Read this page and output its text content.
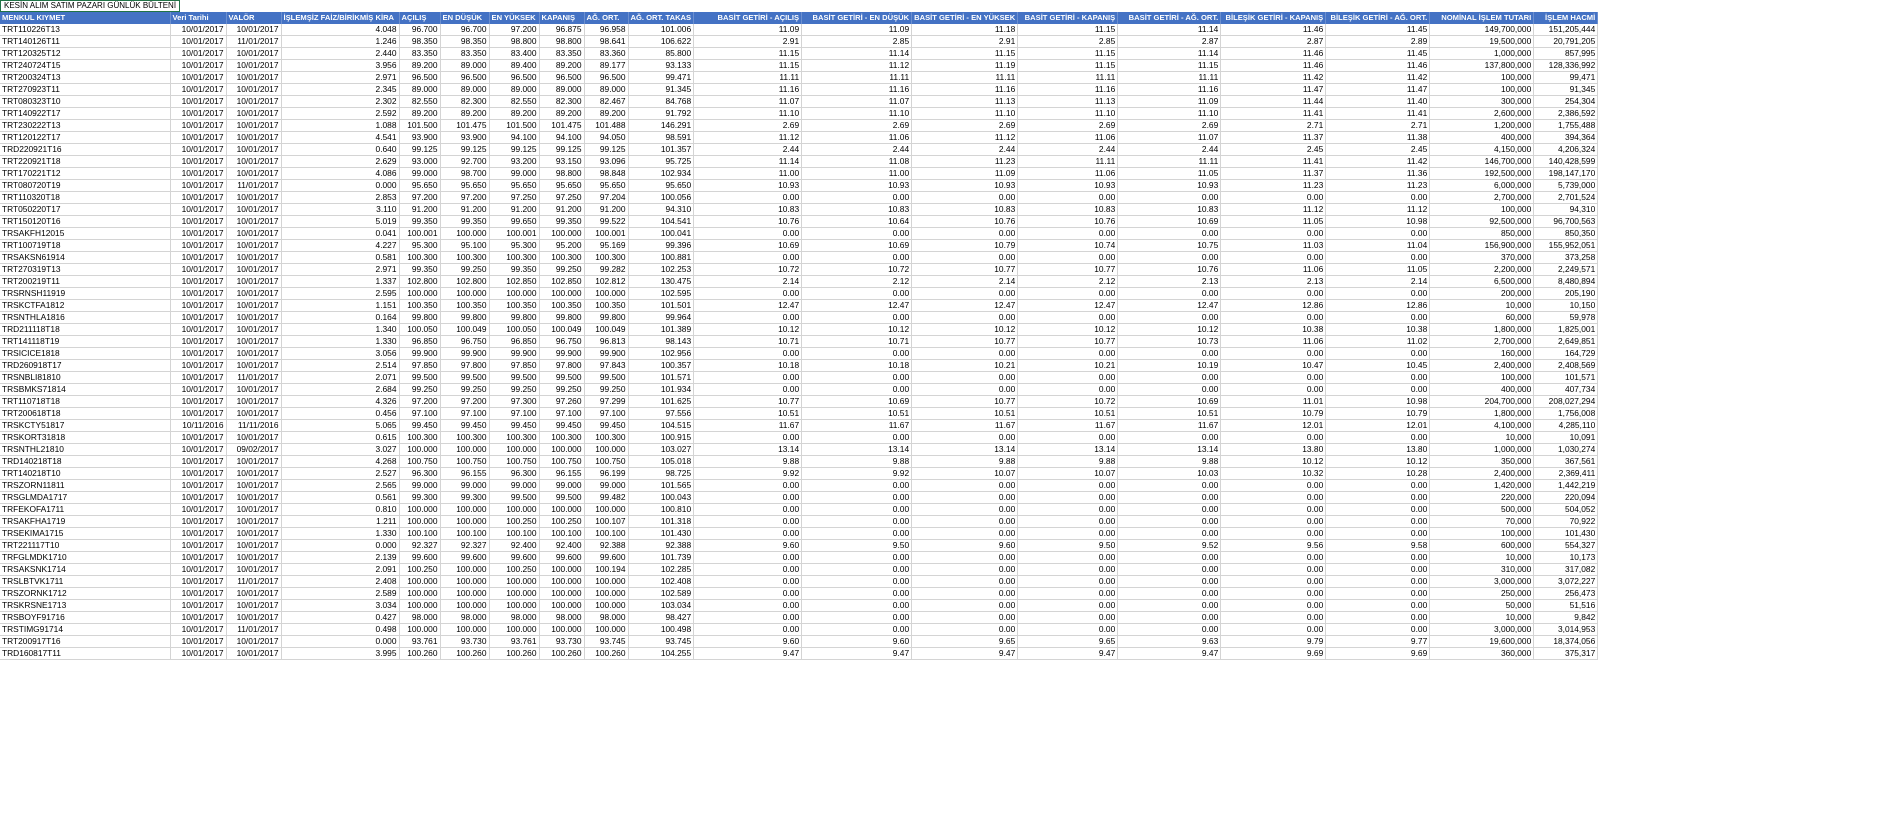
KESİN ALIM SATIM PAZARI GÜNLÜK BÜLTENİ
MENKUL KIYMET	Veri Tarihi	VALÖR	İŞLEMŞİZ FAİZ/BİRİKMİŞ KİRA	AÇILIŞ	EN DÜŞÜK	EN YÜKSEK	KAPANIŞ	AĞ. ORT.	AĞ. ORT. TAKAS	BASİT GETİRİ - AÇILIŞ	BASİT GETİRİ - EN DÜŞÜK	BASİT GETİRİ - EN YÜKSEK	BASİT GETİRİ - KAPANIŞ	BASİT GETİRİ - AĞ. ORT.	BİLEŞİK GETİRİ - KAPANIŞ	BİLEŞİK GETİRİ - AĞ. ORT.	NOMİNAL İŞLEM TUTARI	İŞLEM HACMİ
TRT110226T13	10/01/2017	10/01/2017	4.048	96.700	96.700	97.200	96.875	96.958	101.006	11.09	11.09	11.18	11.15	11.14	11.46	11.45	149,700,000	151,205,444
TRT140126T11	10/01/2017	11/01/2017	1.246	98.350	98.350	98.800	98.800	98.641	106.622	2.91	2.85	2.91	2.85	2.87	2.87	2.89	19,500,000	20,791,205
TRT120325T12	10/01/2017	10/01/2017	2.440	83.350	83.350	83.400	83.350	83.360	85.800	11.15	11.14	11.15	11.15	11.14	11.46	11.45	1,000,000	857,995
TRT240724T15	10/01/2017	10/01/2017	3.956	89.200	89.000	89.400	89.200	89.177	93.133	11.15	11.12	11.19	11.15	11.15	11.46	11.46	137,800,000	128,336,992
TRT200324T13	10/01/2017	10/01/2017	2.971	96.500	96.500	96.500	96.500	96.500	99.471	11.11	11.11	11.11	11.11	11.11	11.42	11.42	100,000	99,471
TRT270923T11	10/01/2017	10/01/2017	2.345	89.000	89.000	89.000	89.000	89.000	91.345	11.16	11.16	11.16	11.16	11.16	11.47	11.47	100,000	91,345
TRT080323T10	10/01/2017	10/01/2017	2.302	82.550	82.300	82.550	82.300	82.467	84.768	11.07	11.07	11.13	11.13	11.09	11.44	11.40	300,000	254,304
TRT140922T17	10/01/2017	10/01/2017	2.592	89.200	89.200	89.200	89.200	89.200	91.792	11.10	11.10	11.10	11.10	11.10	11.41	11.41	2,600,000	2,386,592
TRT230222T13	10/01/2017	10/01/2017	1.088	101.500	101.475	101.500	101.475	101.488	146.291	2.69	2.69	2.69	2.69	2.69	2.71	2.71	1,200,000	1,755,488
TRT120122T17	10/01/2017	10/01/2017	4.541	93.900	93.900	94.100	94.100	94.050	98.591	11.12	11.06	11.12	11.06	11.07	11.37	11.38	400,000	394,364
TRD220921T16	10/01/2017	10/01/2017	0.640	99.125	99.125	99.125	99.125	99.125	101.357	2.44	2.44	2.44	2.44	2.44	2.45	2.45	4,150,000	4,206,324
TRT220921T18	10/01/2017	10/01/2017	2.629	93.000	92.700	93.200	93.150	93.096	95.725	11.14	11.08	11.23	11.11	11.11	11.41	11.42	146,700,000	140,428,599
TRT170221T12	10/01/2017	10/01/2017	4.086	99.000	98.700	99.000	98.800	98.848	102.934	11.00	11.00	11.09	11.06	11.05	11.37	11.36	192,500,000	198,147,170
TRT080720T19	10/01/2017	11/01/2017	0.000	95.650	95.650	95.650	95.650	95.650	95.650	10.93	10.93	10.93	10.93	10.93	11.23	11.23	6,000,000	5,739,000
TRT110320T18	10/01/2017	10/01/2017	2.853	97.200	97.200	97.250	97.250	97.204	100.056	0.00	0.00	0.00	0.00	0.00	0.00	0.00	2,700,000	2,701,524
TRT050220T17	10/01/2017	10/01/2017	3.110	91.200	91.200	91.200	91.200	91.200	94.310	10.83	10.83	10.83	10.83	10.83	11.12	11.12	100,000	94,310
TRT150120T16	10/01/2017	10/01/2017	5.019	99.350	99.350	99.650	99.350	99.522	104.541	10.76	10.64	10.76	10.76	10.69	11.05	10.98	92,500,000	96,700,563
TRSAKFH12015	10/01/2017	10/01/2017	0.041	100.001	100.000	100.001	100.000	100.001	100.041	0.00	0.00	0.00	0.00	0.00	0.00	0.00	850,000	850,350
TRT100719T18	10/01/2017	10/01/2017	4.227	95.300	95.100	95.300	95.200	95.169	99.396	10.69	10.69	10.79	10.74	10.75	11.03	11.04	156,900,000	155,952,051
TRSAKSN61914	10/01/2017	10/01/2017	0.581	100.300	100.300	100.300	100.300	100.300	100.881	0.00	0.00	0.00	0.00	0.00	0.00	0.00	370,000	373,258
TRT270319T13	10/01/2017	10/01/2017	2.971	99.350	99.250	99.350	99.250	99.282	102.253	10.72	10.72	10.77	10.77	10.76	11.06	11.05	2,200,000	2,249,571
TRT200219T11	10/01/2017	10/01/2017	1.337	102.800	102.800	102.850	102.850	102.812	130.475	2.14	2.12	2.14	2.12	2.13	2.13	2.14	6,500,000	8,480,894
TRSRNSH11919	10/01/2017	10/01/2017	2.595	100.000	100.000	100.000	100.000	100.000	102.595	0.00	0.00	0.00	0.00	0.00	0.00	0.00	200,000	205,190
TRSKCTFA1812	10/01/2017	10/01/2017	1.151	100.350	100.350	100.350	100.350	100.350	101.501	12.47	12.47	12.47	12.47	12.47	12.86	12.86	10,000	10,150
TRSNTHLA1816	10/01/2017	10/01/2017	0.164	99.800	99.800	99.800	99.800	99.800	99.964	0.00	0.00	0.00	0.00	0.00	0.00	0.00	60,000	59,978
TRD211118T18	10/01/2017	10/01/2017	1.340	100.050	100.049	100.050	100.049	100.049	101.389	10.12	10.12	10.12	10.12	10.12	10.38	10.38	1,800,000	1,825,001
TRT141118T19	10/01/2017	10/01/2017	1.330	96.850	96.750	96.850	96.750	96.813	98.143	10.71	10.71	10.77	10.77	10.73	11.06	11.02	2,700,000	2,649,851
TRSICICE1818	10/01/2017	10/01/2017	3.056	99.900	99.900	99.900	99.900	99.900	102.956	0.00	0.00	0.00	0.00	0.00	0.00	0.00	160,000	164,729
TRD260918T17	10/01/2017	10/01/2017	2.514	97.850	97.800	97.850	97.800	97.843	100.357	10.18	10.18	10.21	10.21	10.19	10.47	10.45	2,400,000	2,408,569
TRSNBLI81810	10/01/2017	11/01/2017	2.071	99.500	99.500	99.500	99.500	99.500	101.571	0.00	0.00	0.00	0.00	0.00	0.00	0.00	100,000	101,571
TRSBMKS71814	10/01/2017	10/01/2017	2.684	99.250	99.250	99.250	99.250	99.250	101.934	0.00	0.00	0.00	0.00	0.00	0.00	0.00	400,000	407,734
TRT110718T18	10/01/2017	10/01/2017	4.326	97.200	97.200	97.300	97.260	97.299	101.625	10.77	10.69	10.77	10.72	10.69	11.01	10.98	204,700,000	208,027,294
TRT200618T18	10/01/2017	10/01/2017	0.456	97.100	97.100	97.100	97.100	97.100	97.556	10.51	10.51	10.51	10.51	10.51	10.79	10.79	1,800,000	1,756,008
TRSKCTY51817	10/11/2016	11/11/2016	5.065	99.450	99.450	99.450	99.450	99.450	104.515	11.67	11.67	11.67	11.67	11.67	12.01	12.01	4,100,000	4,285,110
TRSKORT31818	10/01/2017	10/01/2017	0.615	100.300	100.300	100.300	100.300	100.300	100.915	0.00	0.00	0.00	0.00	0.00	0.00	0.00	10,000	10,091
TRSNTHL21810	10/01/2017	09/02/2017	3.027	100.000	100.000	100.000	100.000	100.000	103.027	13.14	13.14	13.14	13.14	13.14	13.80	13.80	1,000,000	1,030,274
TRD140218T18	10/01/2017	10/01/2017	4.268	100.750	100.750	100.750	100.750	100.750	105.018	9.88	9.88	9.88	9.88	9.88	10.12	10.12	350,000	367,561
TRT140218T10	10/01/2017	10/01/2017	2.527	96.300	96.155	96.300	96.155	96.199	98.725	9.92	9.92	10.07	10.07	10.03	10.32	10.28	2,400,000	2,369,411
TRSZORN11811	10/01/2017	10/01/2017	2.565	99.000	99.000	99.000	99.000	99.000	101.565	0.00	0.00	0.00	0.00	0.00	0.00	0.00	1,420,000	1,442,219
TRSGLMDA1717	10/01/2017	10/01/2017	0.561	99.300	99.300	99.500	99.500	99.482	100.043	0.00	0.00	0.00	0.00	0.00	0.00	0.00	220,000	220,094
TRFEKOFA1711	10/01/2017	10/01/2017	0.810	100.000	100.000	100.000	100.000	100.000	100.810	0.00	0.00	0.00	0.00	0.00	0.00	0.00	500,000	504,052
TRSAKFHA1719	10/01/2017	10/01/2017	1.211	100.000	100.000	100.250	100.250	100.107	101.318	0.00	0.00	0.00	0.00	0.00	0.00	0.00	70,000	70,922
TRSEKIMA1715	10/01/2017	10/01/2017	1.330	100.100	100.100	100.100	100.100	100.100	101.430	0.00	0.00	0.00	0.00	0.00	0.00	0.00	100,000	101,430
TRT221117T10	10/01/2017	10/01/2017	0.000	92.327	92.327	92.400	92.400	92.388	92.388	9.60	9.50	9.60	9.50	9.52	9.56	9.58	600,000	554,327
TRFGLMDK1710	10/01/2017	10/01/2017	2.139	99.600	99.600	99.600	99.600	99.600	101.739	0.00	0.00	0.00	0.00	0.00	0.00	0.00	10,000	10,173
TRSAKSNK1714	10/01/2017	10/01/2017	2.091	100.250	100.000	100.250	100.000	100.194	102.285	0.00	0.00	0.00	0.00	0.00	0.00	0.00	310,000	317,082
TRSLBTVK1711	10/01/2017	11/01/2017	2.408	100.000	100.000	100.000	100.000	100.000	102.408	0.00	0.00	0.00	0.00	0.00	0.00	0.00	3,000,000	3,072,227
TRSZORNK1712	10/01/2017	10/01/2017	2.589	100.000	100.000	100.000	100.000	100.000	102.589	0.00	0.00	0.00	0.00	0.00	0.00	0.00	250,000	256,473
TRSKRSNE1713	10/01/2017	10/01/2017	3.034	100.000	100.000	100.000	100.000	100.000	103.034	0.00	0.00	0.00	0.00	0.00	0.00	0.00	50,000	51,516
TRSBOYF91716	10/01/2017	10/01/2017	0.427	98.000	98.000	98.000	98.000	98.000	98.427	0.00	0.00	0.00	0.00	0.00	0.00	0.00	10,000	9,842
TRSTIMG91714	10/01/2017	11/01/2017	0.498	100.000	100.000	100.000	100.000	100.000	100.498	0.00	0.00	0.00	0.00	0.00	0.00	0.00	3,000,000	3,014,953
TRT200917T16	10/01/2017	10/01/2017	0.000	93.761	93.730	93.761	93.730	93.745	93.745	9.60	9.60	9.65	9.65	9.63	9.79	9.77	19,600,000	18,374,056
TRD160817T11	10/01/2017	10/01/2017	3.995	100.260	100.260	100.260	100.260	100.260	104.255	9.47	9.47	9.47	9.47	9.47	9.69	9.69	360,000	375,317
